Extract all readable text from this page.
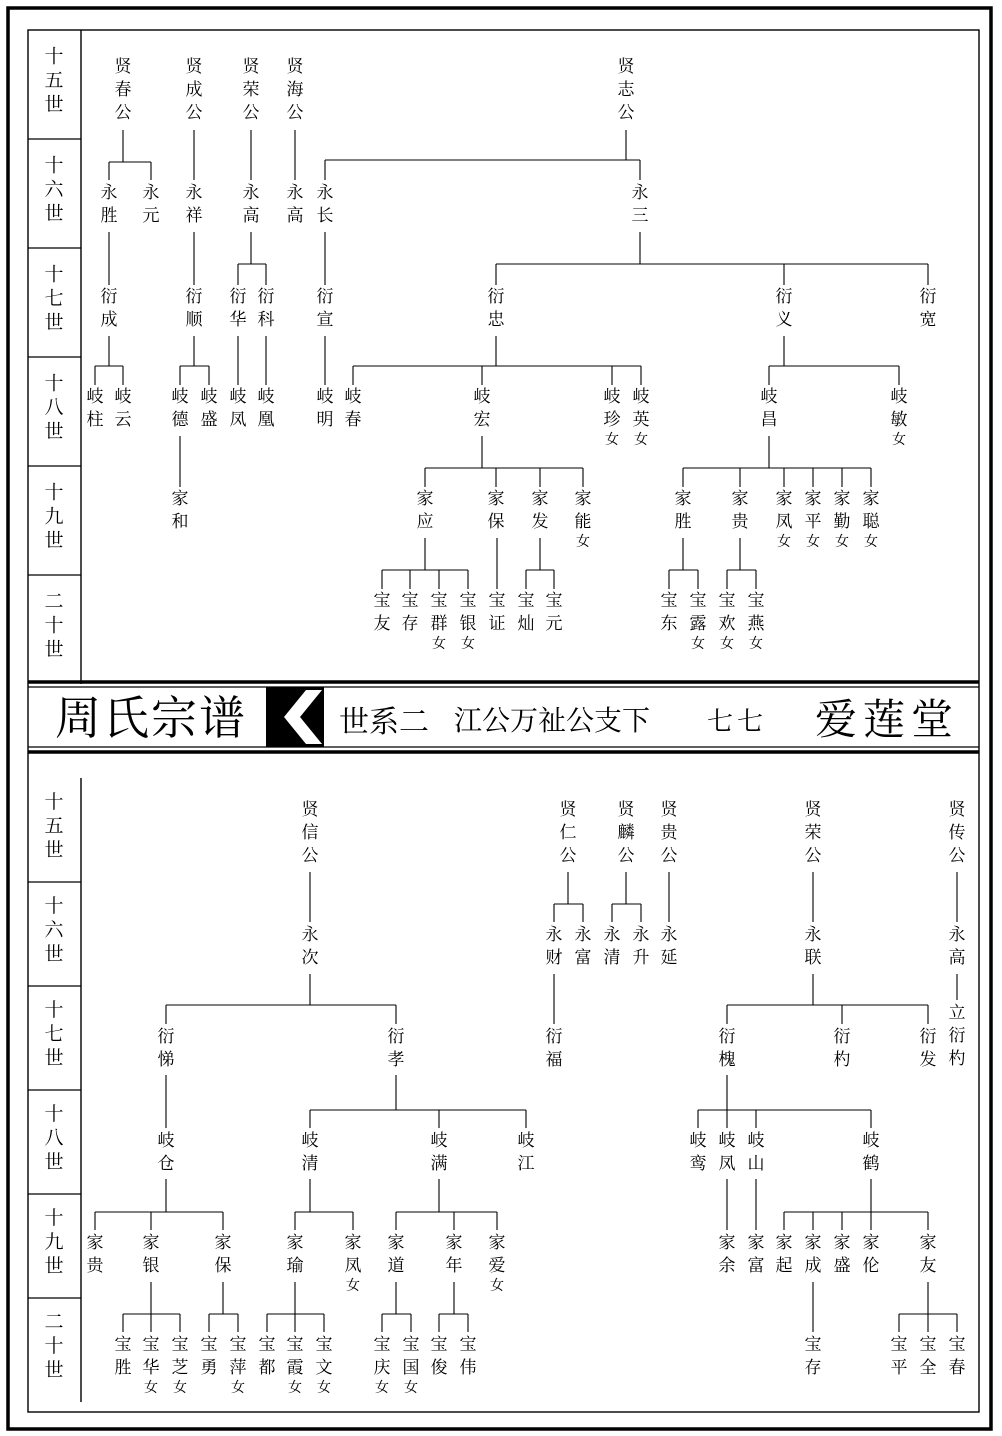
十五世
十六世
十七世
十八世
十九世
二十世
十五世
十六世
十七世
十八世
十九世
二十世
周氏宗谱	世系二 江公万祉公支下 七 七 爱 莲 堂
贤春公
贤成公
贤荣公
贤海公
贤志公
永胜
永元
永祥
永高
永高
永长
永三
衍成
衍顺
衍华
衍科
衍宣
衍忠
衍义
衍宽
岐柱
岐云
岐德
岐盛
岐凤
岐凰
岐明
岐春
岐宏
岐珍
女
岐英
女
岐昌
岐敏
女
家和
家应
家保
家发
家能
女
家胜
家贵
家凤
女
家平
女
家勤
女
家聪
女
宝友
宝存
宝群
女
宝银
女
宝证
宝灿
宝元
宝东
宝露
女
宝欢
女
宝燕
女
贤信公
贤仁公
贤麟公
贤贵公
贤荣公
贤传公
永次
永财
永富
永清
永升
永延
永联
永高
衍悌
衍孝
衍福
衍槐
衍杓
衍发
立衍杓
岐仓
岐清
岐满
岐江
岐鸾
岐凤
岐山
岐鹤
家贵
家银
家保
家瑜
家凤
女
家道
家年
家爱
女
家余
家富
家起
家成
家盛
家伦
家友
宝胜
宝华
女
宝芝
女
宝勇
宝萍
女
宝都
宝霞
女
宝文
女
宝庆
女
宝国
女
宝俊
宝伟
宝存
宝平
宝全
宝春
